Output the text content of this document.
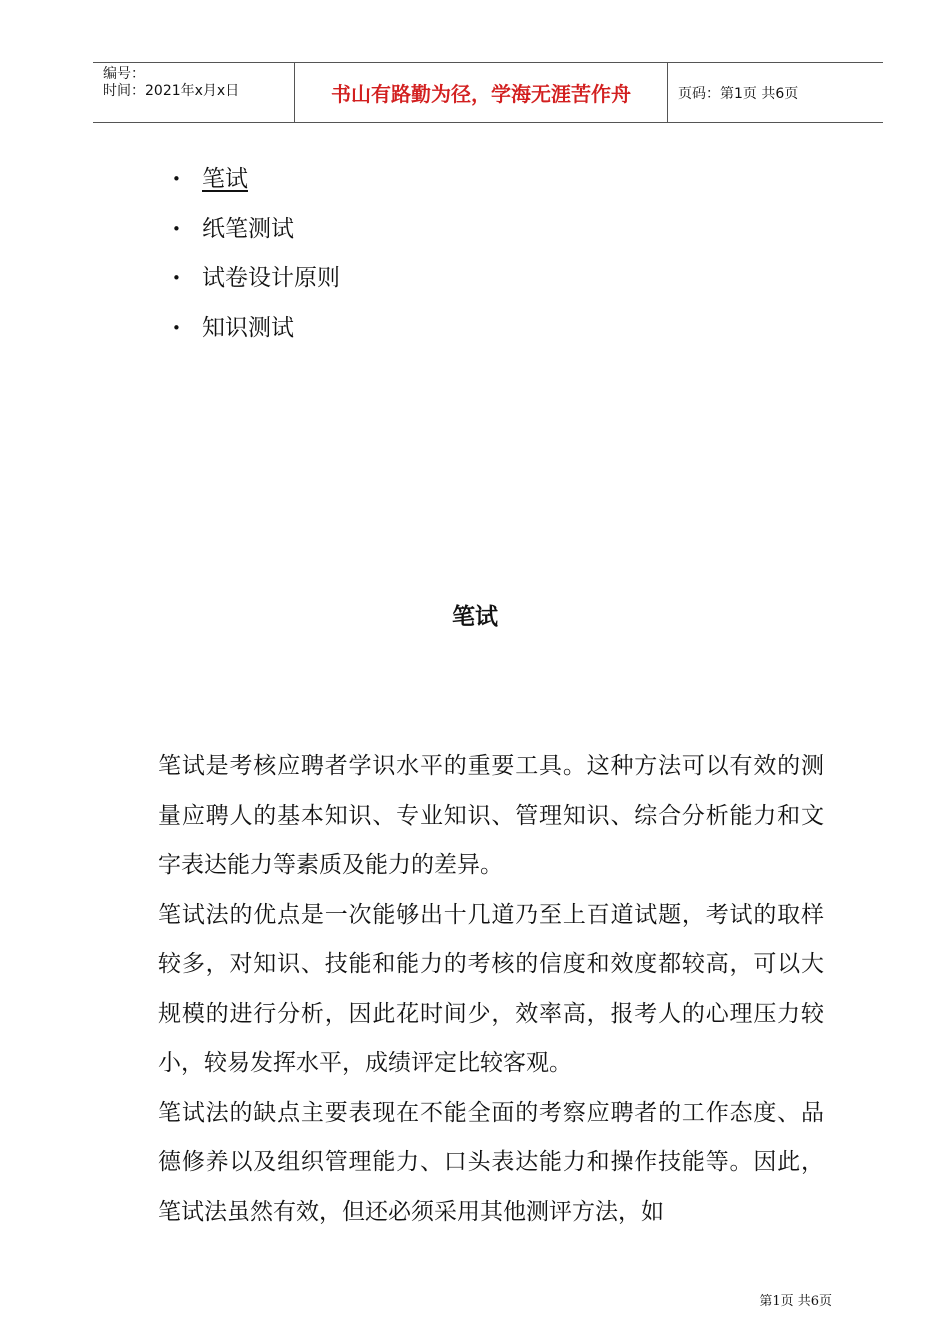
编号：
时间：2021年x月x日	书山有路勤为径，学海无涯苦作舟	页码：第1页 共6页
• 笔试
• 纸笔测试
• 试卷设计原则
• 知识测试
笔试

笔试是考核应聘者学识水平的重要工具。这种方法可以有效的测量应聘人的基本知识、专业知识、管理知识、综合分析能力和文字表达能力等素质及能力的差异。

笔试法的优点是一次能够出十几道乃至上百道试题，考试的取样较多，对知识、技能和能力的考核的信度和效度都较高，可以大规模的进行分析，因此花时间少，效率高，报考人的心理压力较小，较易发挥水平，成绩评定比较客观。

笔试法的缺点主要表现在不能全面的考察应聘者的工作态度、品德修养以及组织管理能力、口头表达能力和操作技能等。因此，笔试法虽然有效，但还必须采用其他测评方法，如

第1页 共6页
